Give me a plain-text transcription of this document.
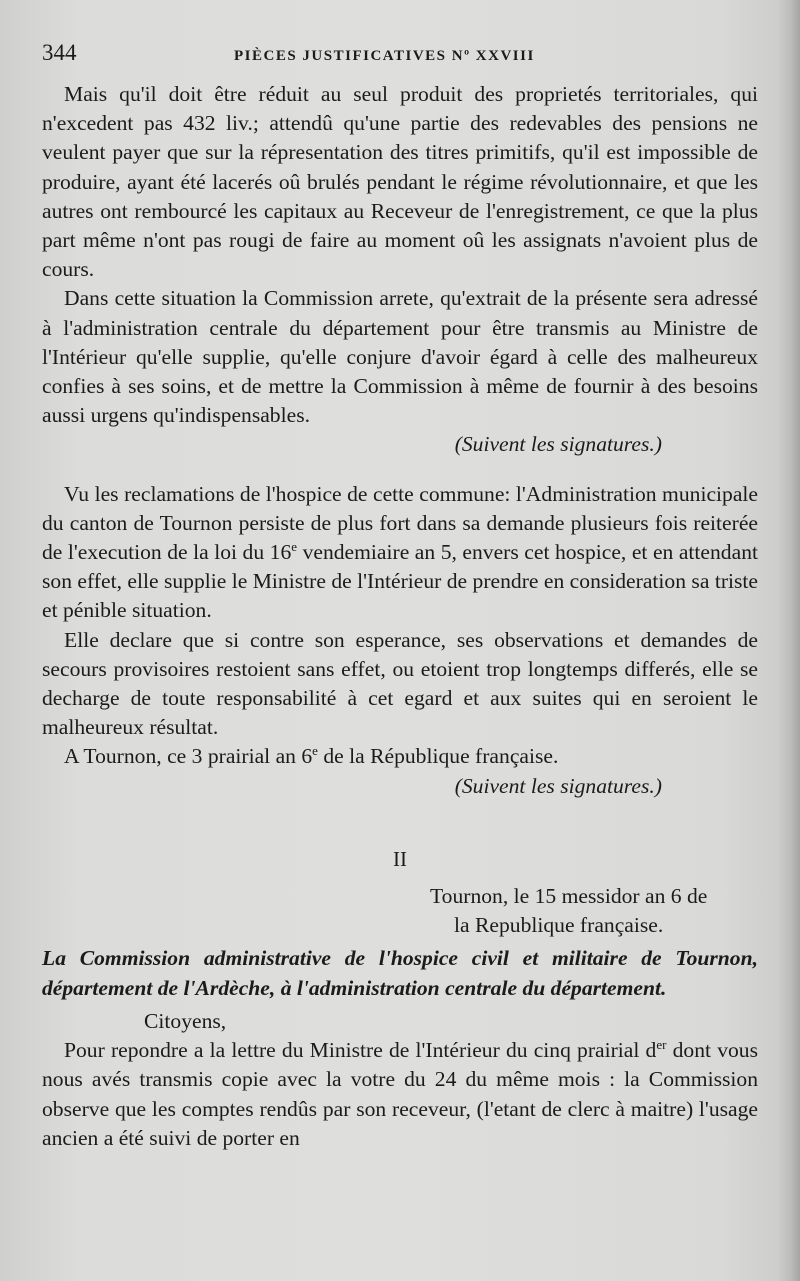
344	PIÈCES JUSTIFICATIVES Nº XXVIII

Mais qu'il doit être réduit au seul produit des proprietés territoriales, qui n'excedent pas 432 liv.; attendû qu'une partie des redevables des pensions ne veulent payer que sur la répresentation des titres primitifs, qu'il est impossible de produire, ayant été lacerés oû brulés pendant le régime révolutionnaire, et que les autres ont rembourcé les capitaux au Receveur de l'enregistrement, ce que la plus part même n'ont pas rougi de faire au moment oû les assignats n'avoient plus de cours.

Dans cette situation la Commission arrete, qu'extrait de la présente sera adressé à l'administration centrale du département pour être transmis au Ministre de l'Intérieur qu'elle supplie, qu'elle conjure d'avoir égard à celle des malheureux confies à ses soins, et de mettre la Commission à même de fournir à des besoins aussi urgens qu'indispensables.

(Suivent les signatures.)

Vu les reclamations de l'hospice de cette commune: l'Administration municipale du canton de Tournon persiste de plus fort dans sa demande plusieurs fois reiterée de l'execution de la loi du 16e vendemiaire an 5, envers cet hospice, et en attendant son effet, elle supplie le Ministre de l'Intérieur de prendre en consideration sa triste et pénible situation.

Elle declare que si contre son esperance, ses observations et demandes de secours provisoires restoient sans effet, ou etoient trop longtemps differés, elle se decharge de toute responsabilité à cet egard et aux suites qui en seroient le malheureux résultat.

A Tournon, ce 3 prairial an 6e de la République française.

(Suivent les signatures.)

II

Tournon, le 15 messidor an 6 de

la Republique française.

La Commission administrative de l'hospice civil et militaire de Tournon, département de l'Ardèche, à l'administration centrale du département.

Citoyens,

Pour repondre a la lettre du Ministre de l'Intérieur du cinq prairial $d^{er}$ dont vous nous avés transmis copie avec la votre du 24 du même mois : la Commission observe que les comptes rendûs par son receveur, (l'etant de clerc à maitre) l'usage ancien a été suivi de porter en
